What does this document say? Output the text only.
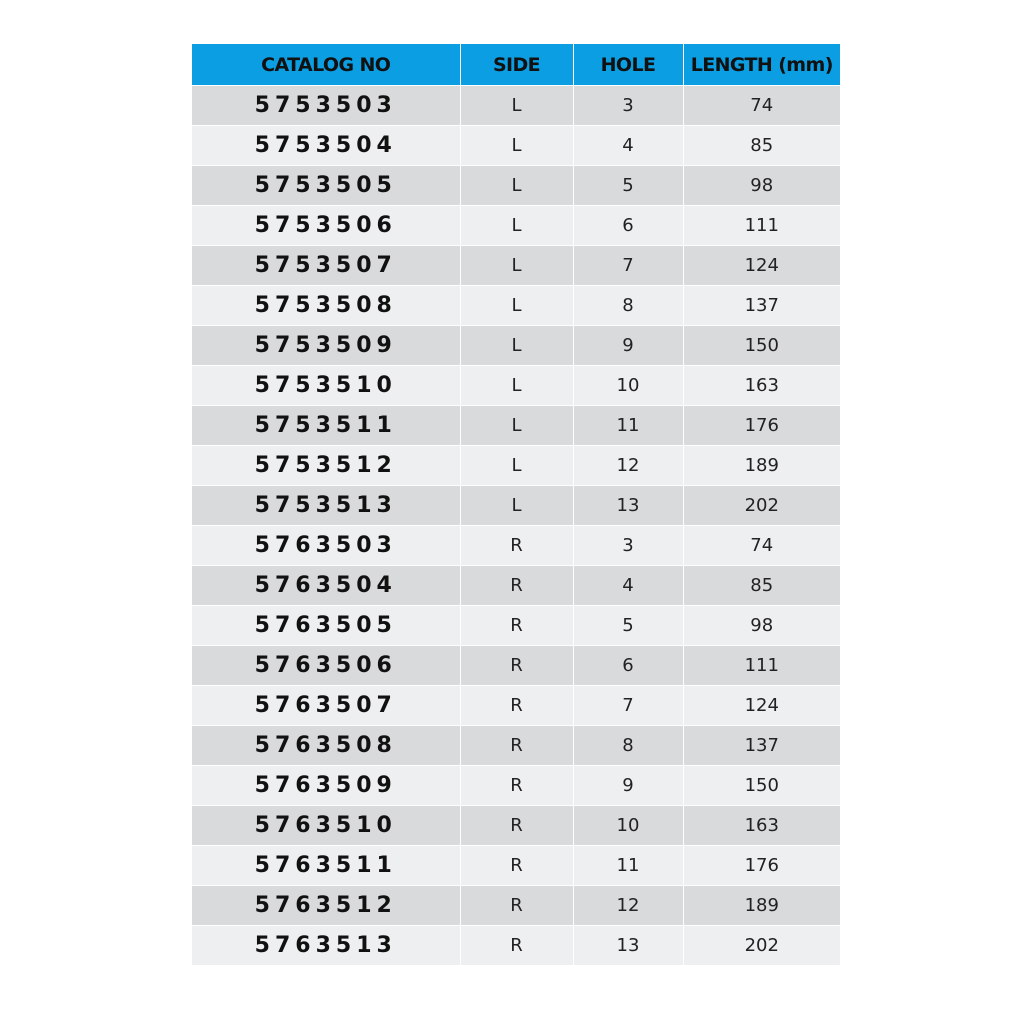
CATALOG NO	SIDE	HOLE	LENGTH (mm)
5753503	L	3	74
5753504	L	4	85
5753505	L	5	98
5753506	L	6	111
5753507	L	7	124
5753508	L	8	137
5753509	L	9	150
5753510	L	10	163
5753511	L	11	176
5753512	L	12	189
5753513	L	13	202
5763503	R	3	74
5763504	R	4	85
5763505	R	5	98
5763506	R	6	111
5763507	R	7	124
5763508	R	8	137
5763509	R	9	150
5763510	R	10	163
5763511	R	11	176
5763512	R	12	189
5763513	R	13	202
